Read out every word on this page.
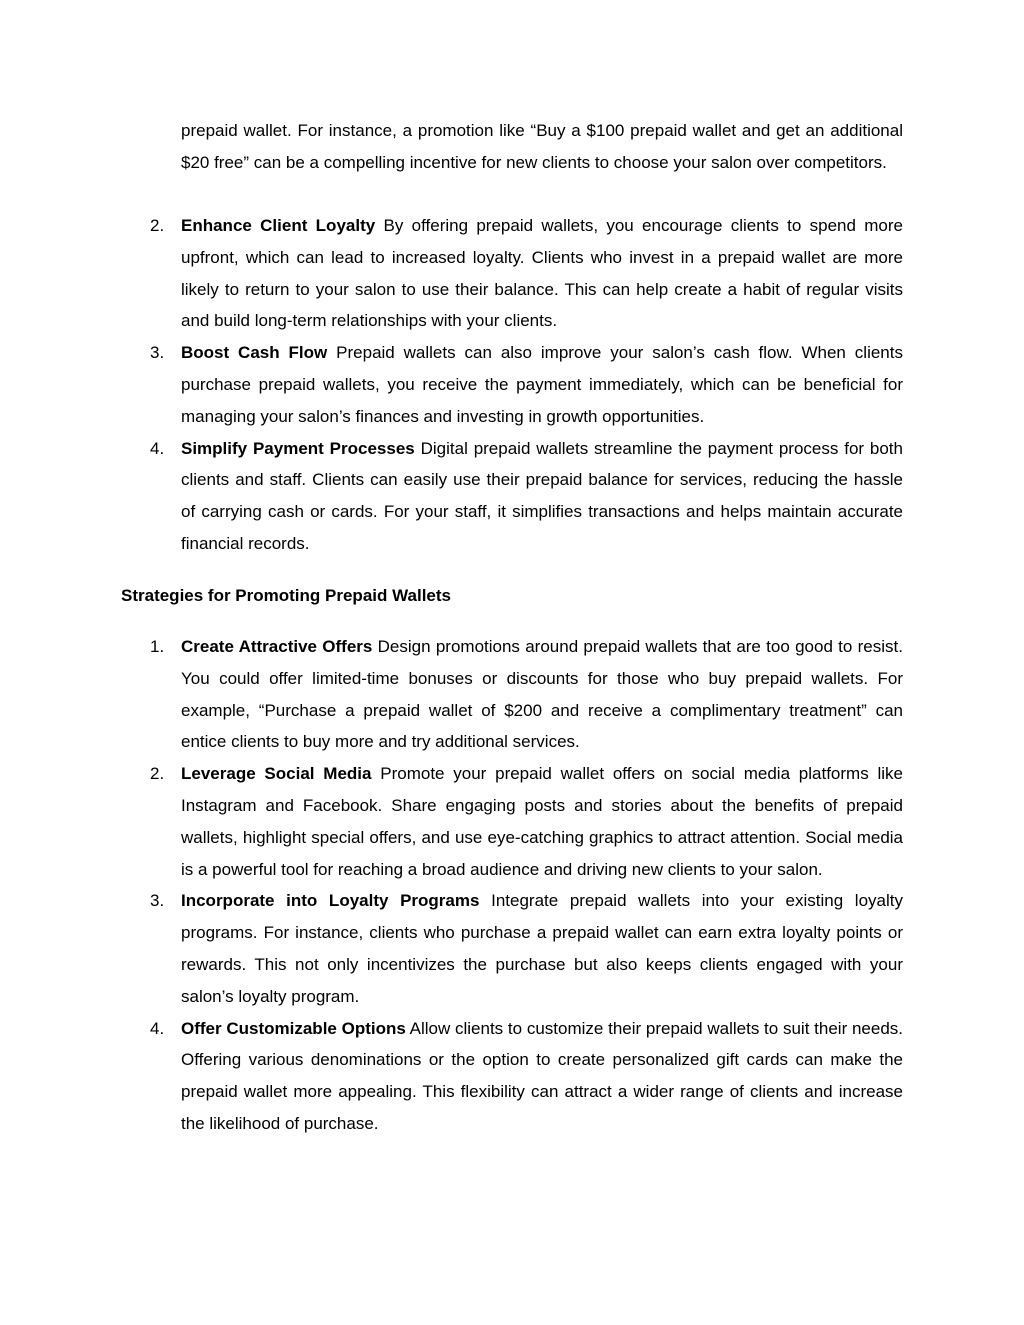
prepaid wallet. For instance, a promotion like “Buy a $100 prepaid wallet and get an additional $20 free” can be a compelling incentive for new clients to choose your salon over competitors.

2. Enhance Client Loyalty By offering prepaid wallets, you encourage clients to spend more upfront, which can lead to increased loyalty. Clients who invest in a prepaid wallet are more likely to return to your salon to use their balance. This can help create a habit of regular visits and build long-term relationships with your clients.
3. Boost Cash Flow Prepaid wallets can also improve your salon’s cash flow. When clients purchase prepaid wallets, you receive the payment immediately, which can be beneficial for managing your salon’s finances and investing in growth opportunities.
4. Simplify Payment Processes Digital prepaid wallets streamline the payment process for both clients and staff. Clients can easily use their prepaid balance for services, reducing the hassle of carrying cash or cards. For your staff, it simplifies transactions and helps maintain accurate financial records.
Strategies for Promoting Prepaid Wallets
1. Create Attractive Offers Design promotions around prepaid wallets that are too good to resist. You could offer limited-time bonuses or discounts for those who buy prepaid wallets. For example, “Purchase a prepaid wallet of $200 and receive a complimentary treatment” can entice clients to buy more and try additional services.
2. Leverage Social Media Promote your prepaid wallet offers on social media platforms like Instagram and Facebook. Share engaging posts and stories about the benefits of prepaid wallets, highlight special offers, and use eye-catching graphics to attract attention. Social media is a powerful tool for reaching a broad audience and driving new clients to your salon.
3. Incorporate into Loyalty Programs Integrate prepaid wallets into your existing loyalty programs. For instance, clients who purchase a prepaid wallet can earn extra loyalty points or rewards. This not only incentivizes the purchase but also keeps clients engaged with your salon’s loyalty program.
4. Offer Customizable Options Allow clients to customize their prepaid wallets to suit their needs. Offering various denominations or the option to create personalized gift cards can make the prepaid wallet more appealing. This flexibility can attract a wider range of clients and increase the likelihood of purchase.
